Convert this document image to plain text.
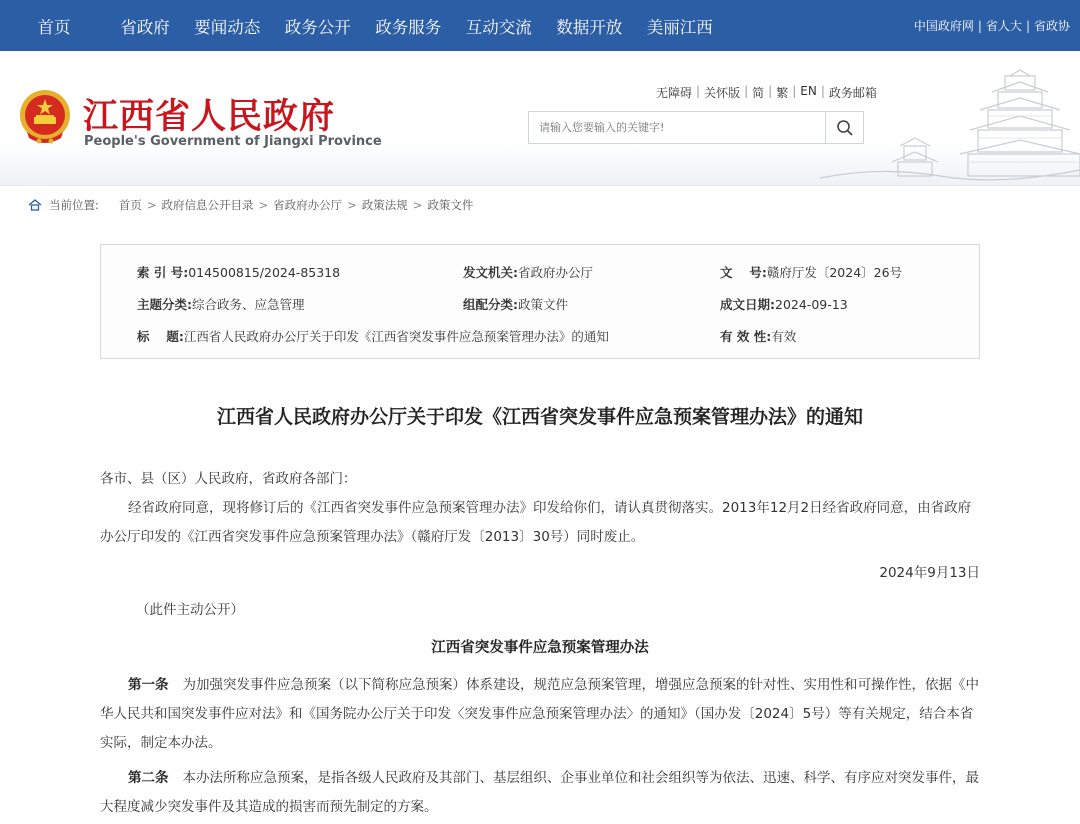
首页	省政府	要闻动态	政务公开	政务服务	互动交流	数据开放	美丽江西	中国政府网 | 省人大 | 省政协
江西省人民政府
People's Government of Jiangxi Province
无障碍 | 关怀版 | 简 | 繁 | EN | 政务邮箱
请输入您要输入的关键字!
当前位置: 首页 > 政府信息公开目录 > 省政府办公厅 > 政策法规 > 政策文件
索 引 号:014500815/2024-85318	发文机关:省政府办公厅	文　 号:赣府厅发〔2024〕26号
主题分类:综合政务、应急管理	组配分类:政策文件	成文日期:2024-09-13
标　 题:江西省人民政府办公厅关于印发《江西省突发事件应急预案管理办法》的通知	有 效 性:有效
江西省人民政府办公厅关于印发《江西省突发事件应急预案管理办法》的通知
各市、县（区）人民政府，省政府各部门：
经省政府同意，现将修订后的《江西省突发事件应急预案管理办法》印发给你们，请认真贯彻落实。2013年12月2日经省政府同意，由省政府办公厅印发的《江西省突发事件应急预案管理办法》（赣府厅发〔2013〕30号）同时废止。
2024年9月13日
（此件主动公开）
江西省突发事件应急预案管理办法
第一条 为加强突发事件应急预案（以下简称应急预案）体系建设，规范应急预案管理，增强应急预案的针对性、实用性和可操作性，依据《中华人民共和国突发事件应对法》和《国务院办公厅关于印发〈突发事件应急预案管理办法〉的通知》（国办发〔2024〕5号）等有关规定，结合本省实际，制定本办法。
第二条 本办法所称应急预案，是指各级人民政府及其部门、基层组织、企事业单位和社会组织等为依法、迅速、科学、有序应对突发事件，最大程度减少突发事件及其造成的损害而预先制定的方案。
